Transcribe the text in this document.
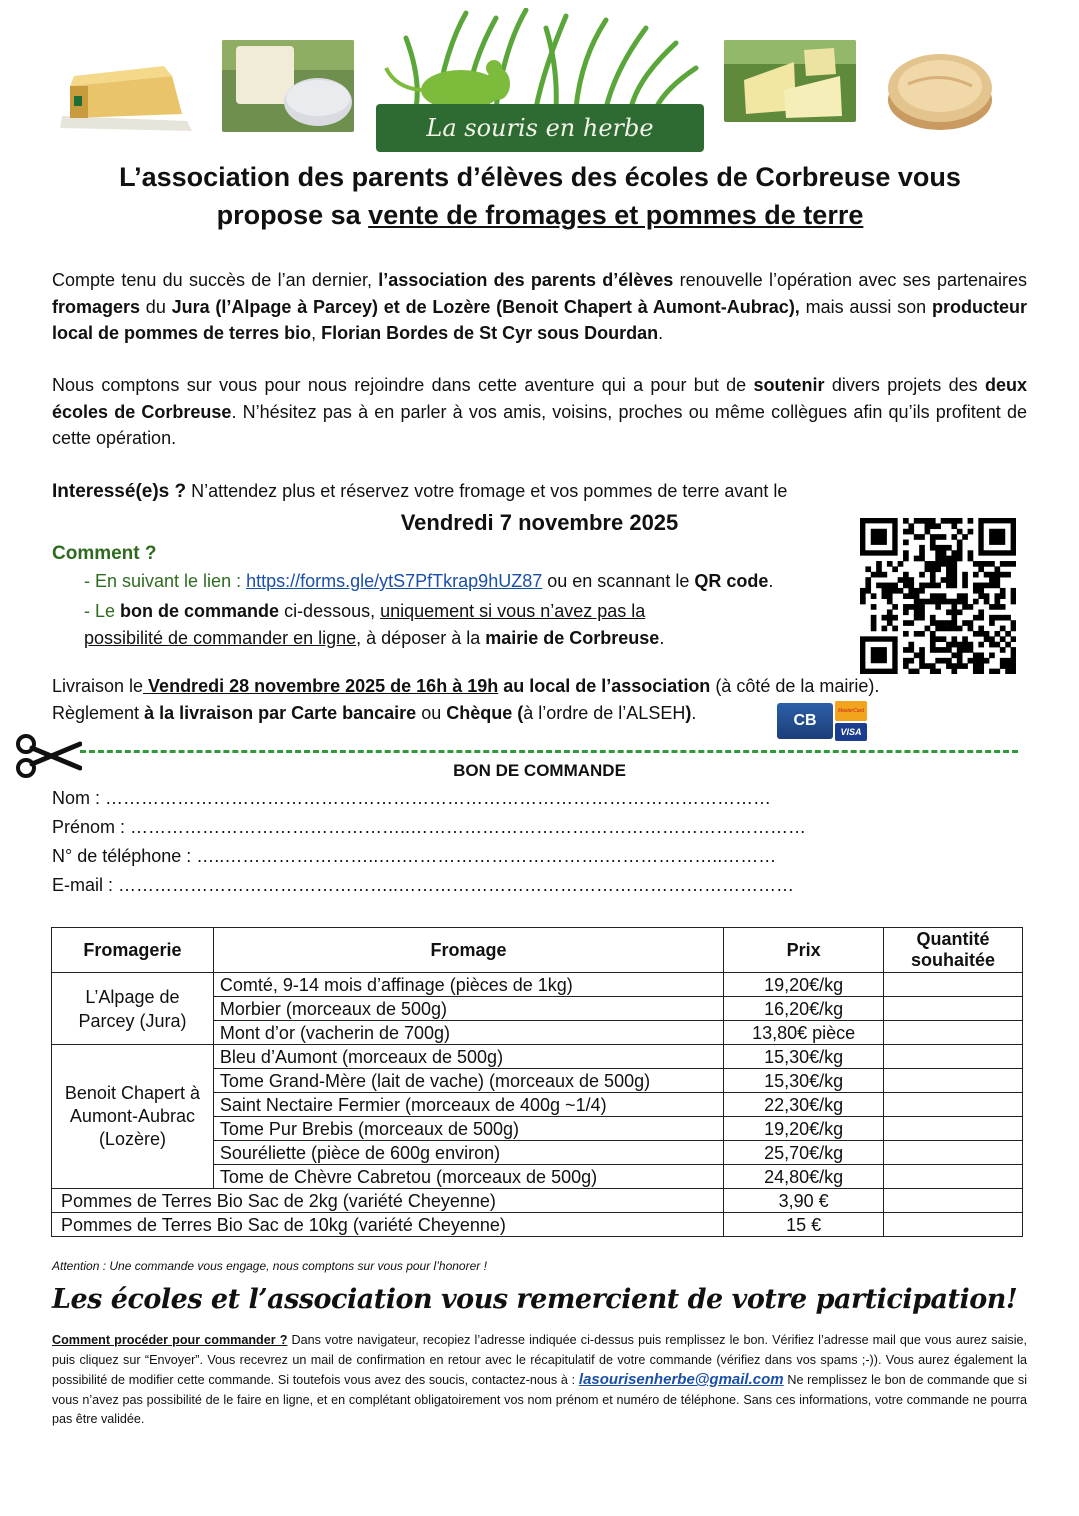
La souris en herbe
L’association des parents d’élèves des écoles de Corbreuse vous
propose sa vente de fromages et pommes de terre

Compte tenu du succès de l’an dernier, l’association des parents d’élèves renouvelle l’opération avec ses partenaires fromagers du Jura (l’Alpage à Parcey) et de Lozère (Benoit Chapert à Aumont-Aubrac), mais aussi son producteur local de pommes de terres bio, Florian Bordes de St Cyr sous Dourdan.

Nous comptons sur vous pour nous rejoindre dans cette aventure qui a pour but de soutenir divers projets des deux écoles de Corbreuse. N’hésitez pas à en parler à vos amis, voisins, proches ou même collègues afin qu’ils profitent de cette opération.

Interessé(e)s ? N’attendez plus et réservez votre fromage et vos pommes de terre avant le
Vendredi 7 novembre 2025
Comment ?
- En suivant le lien : https://forms.gle/ytS7PfTkrap9hUZ87 ou en scannant le QR code.
- Le bon de commande ci-dessous, uniquement si vous n’avez pas la
possibilité de commander en ligne, à déposer à la mairie de Corbreuse.
Livraison le Vendredi 28 novembre 2025 de 16h à 19h au local de l’association (à côté de la mairie).
Règlement à la livraison par Carte bancaire ou Chèque (à l’ordre de l’ALSEH).	CB
MasterCard
VISA
BON DE COMMANDE
Nom : …………………………………………………………………………………………………
Prénom : ………………………………………..…………………………………………………………
N° de téléphone : …..……………………..….…………………………….………………..………
E-mail : ………………………………………..…………………………………………………………
Fromagerie	Fromage	Prix	Quantité souhaitée
L’Alpage de Parcey (Jura)	Comté, 9-14 mois d’affinage (pièces de 1kg)	19,20€/kg	
	Morbier (morceaux de 500g)	16,20€/kg	
	Mont d’or (vacherin de 700g)	13,80€ pièce	
Benoit Chapert à Aumont-Aubrac (Lozère)	Bleu d’Aumont (morceaux de 500g)	15,30€/kg	
	Tome Grand-Mère (lait de vache) (morceaux de 500g)	15,30€/kg	
	Saint Nectaire Fermier (morceaux de 400g ~1/4)	22,30€/kg	
	Tome Pur Brebis (morceaux de 500g)	19,20€/kg	
	Souréliette (pièce de 600g environ)	25,70€/kg	
	Tome de Chèvre Cabretou (morceaux de 500g)	24,80€/kg	
Pommes de Terres Bio Sac de 2kg (variété Cheyenne)		3,90 €	
Pommes de Terres Bio Sac de 10kg (variété Cheyenne)		15 €	
Attention : Une commande vous engage, nous comptons sur vous pour l’honorer !
Les écoles et l’association vous remercient de votre participation!

Comment procéder pour commander ? Dans votre navigateur, recopiez l’adresse indiquée ci-dessus puis remplissez le bon. Vérifiez l’adresse mail que vous aurez saisie, puis cliquez sur “Envoyer”. Vous recevrez un mail de confirmation en retour avec le récapitulatif de votre commande (vérifiez dans vos spams ;-)). Vous aurez également la possibilité de modifier cette commande. Si toutefois vous avez des soucis, contactez-nous à : lasourisenherbe@gmail.com Ne remplissez le bon de commande que si vous n’avez pas possibilité de le faire en ligne, et en complétant obligatoirement vos nom prénom et numéro de téléphone. Sans ces informations, votre commande ne pourra pas être validée.
